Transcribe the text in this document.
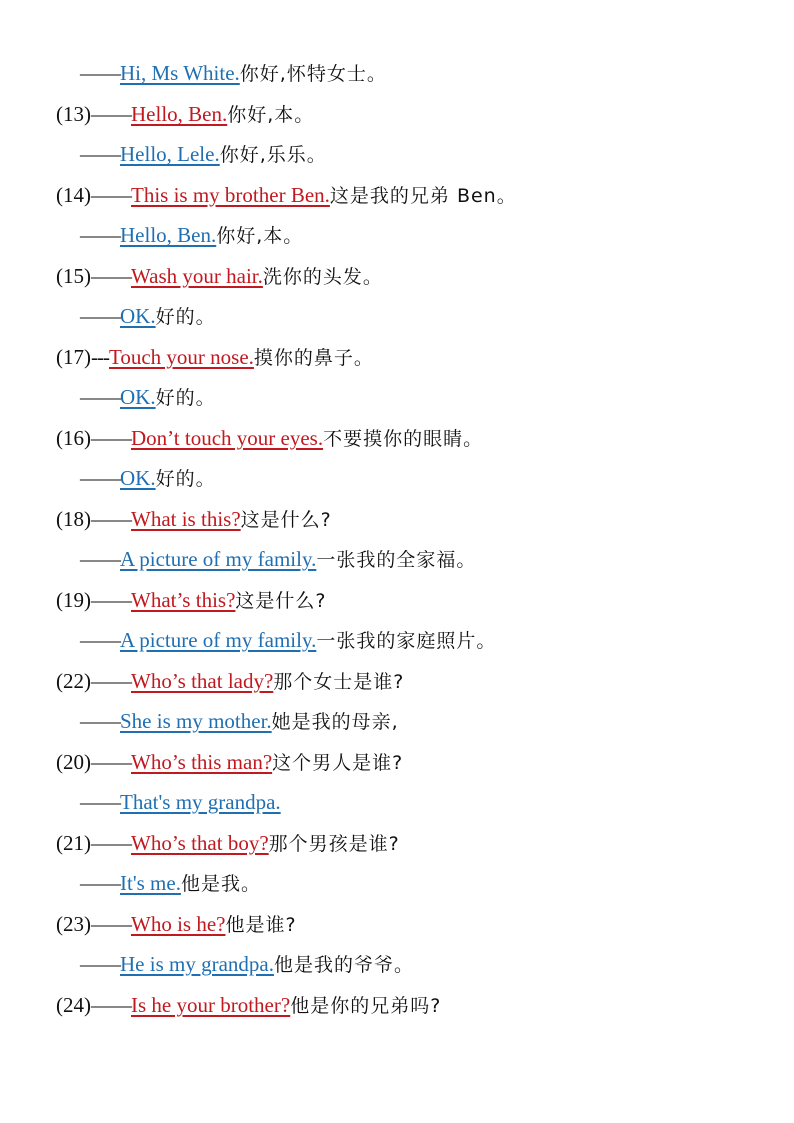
——Hi, Ms White.你好,怀特女士。
(13)——Hello, Ben.你好,本。
——Hello, Lele.你好,乐乐。
(14)——This is my brother Ben.这是我的兄弟 Ben。
——Hello, Ben.你好,本。
(15)——Wash your hair.洗你的头发。
——OK.好的。
(17)---Touch your nose.摸你的鼻子。
——OK.好的。
(16)——Don’t touch your eyes.不要摸你的眼睛。
——OK.好的。
(18)——What is this?这是什么?
——A picture of my family.一张我的全家福。
(19)——What’s this?这是什么?
——A picture of my family.一张我的家庭照片。
(22)——Who’s that lady?那个女士是谁?
——She is my mother.她是我的母亲,
(20)——Who’s this man?这个男人是谁?
——That's my grandpa.
(21)——Who’s that boy?那个男孩是谁?
——It's me.他是我。
(23)——Who is he?他是谁?
——He is my grandpa.他是我的爷爷。
(24)——Is he your brother?他是你的兄弟吗?
